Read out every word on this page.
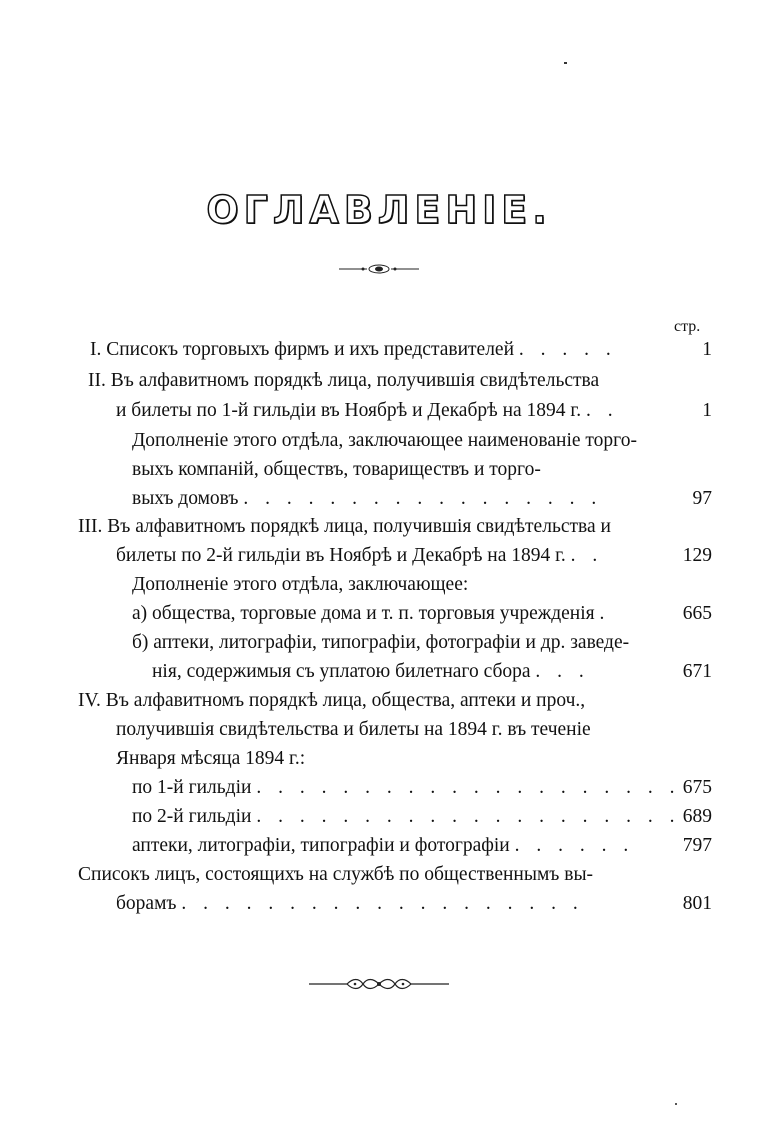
ОГЛАВЛЕНІЕ.
стр.
I. Списокъ торговыхъ фирмъ и ихъ представителей . . . . .	1
II. Въ алфавитномъ порядкѣ лица, получившія свидѣтельства
и билеты по 1-й гильдіи въ Ноябрѣ и Декабрѣ на 1894 г. . .	1
Дополненіе этого отдѣла, заключающее наименованіе торго-
выхъ компаній, обществъ, товариществъ и торго-
выхъ домовъ . . . . . . . . . . . . . . . . .	97
III. Въ алфавитномъ порядкѣ лица, получившія свидѣтельства и
билеты по 2-й гильдіи въ Ноябрѣ и Декабрѣ на 1894 г. . .	129
Дополненіе этого отдѣла, заключающее:
а) общества, торговые дома и т. п. торговыя учрежденія .	665
б) аптеки, литографіи, типографіи, фотографіи и др. заведе-
нія, содержимыя съ уплатою билетнаго сбора . . .	671
IV. Въ алфавитномъ порядкѣ лица, общества, аптеки и проч.,
получившія свидѣтельства и билеты на 1894 г. въ теченіе
Января мѣсяца 1894 г.:
по 1-й гильдіи . . . . . . . . . . . . . . . . . . . . 675
по 2-й гильдіи . . . . . . . . . . . . . . . . . . . . 689
аптеки, литографіи, типографіи и фотографіи . . . . . .	797
Списокъ лицъ, состоящихъ на службѣ по общественнымъ вы-
борамъ . . . . . . . . . . . . . . . . . . .	801
